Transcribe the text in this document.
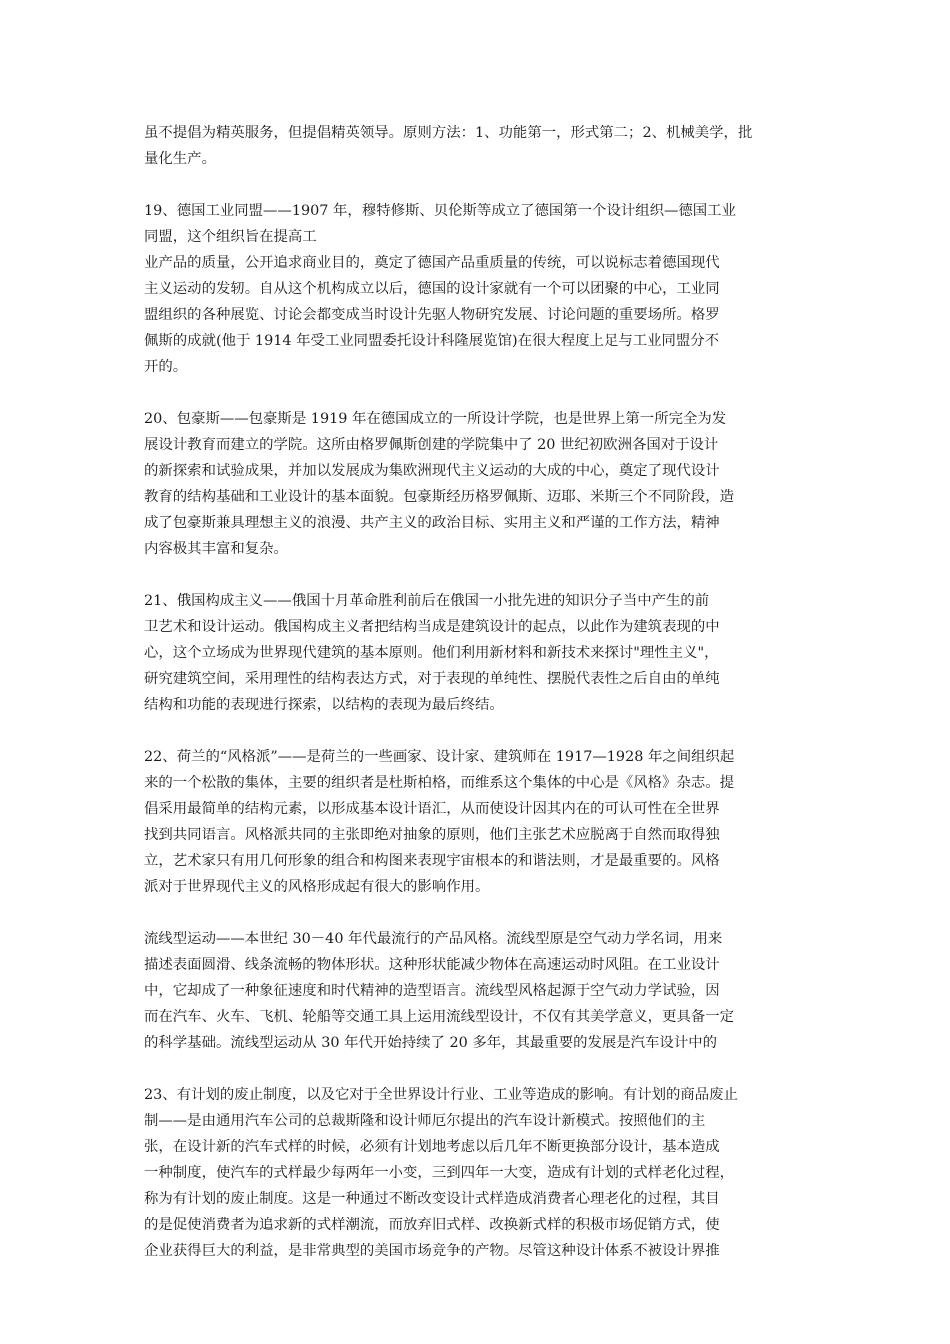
虽不提倡为精英服务，但提倡精英领导。原则方法：1、功能第一，形式第二；2、机械美学，批
量化生产。
19、德国工业同盟——1907 年，穆特修斯、贝伦斯等成立了德国第一个设计组织—德国工业
同盟，这个组织旨在提高工
业产品的质量，公开追求商业目的，奠定了德国产品重质量的传统，可以说标志着德国现代
主义运动的发轫。自从这个机构成立以后，德国的设计家就有一个可以团聚的中心，工业同
盟组织的各种展览、讨论会都变成当时设计先驱人物研究发展、讨论问题的重要场所。格罗
佩斯的成就(他于 1914 年受工业同盟委托设计科隆展览馆)在很大程度上足与工业同盟分不
开的。
20、包豪斯——包豪斯是 1919 年在德国成立的一所设计学院，也是世界上第一所完全为发
展设计教育而建立的学院。这所由格罗佩斯创建的学院集中了 20 世纪初欧洲各国对于设计
的新探索和试验成果，并加以发展成为集欧洲现代主义运动的大成的中心，奠定了现代设计
教育的结构基础和工业设计的基本面貌。包豪斯经历格罗佩斯、迈耶、米斯三个不同阶段，造
成了包豪斯兼具理想主义的浪漫、共产主义的政治目标、实用主义和严谨的工作方法，精神
内容极其丰富和复杂。
21、俄国构成主义——俄国十月革命胜利前后在俄国一小批先进的知识分子当中产生的前
卫艺术和设计运动。俄国构成主义者把结构当成是建筑设计的起点，以此作为建筑表现的中
心，这个立场成为世界现代建筑的基本原则。他们利用新材料和新技术来探讨"理性主义"，
研究建筑空间，采用理性的结构表达方式，对于表现的单纯性、摆脱代表性之后自由的单纯
结构和功能的表现进行探索，以结构的表现为最后终结。
22、荷兰的“风格派”——是荷兰的一些画家、设计家、建筑师在 1917—1928 年之间组织起
来的一个松散的集体，主要的组织者是杜斯柏格，而维系这个集体的中心是《风格》杂志。提
倡采用最简单的结构元素，以形成基本设计语汇，从而使设计因其内在的可认可性在全世界
找到共同语言。风格派共同的主张即绝对抽象的原则，他们主张艺术应脱离于自然而取得独
立，艺术家只有用几何形象的组合和构图来表现宇宙根本的和谐法则，才是最重要的。风格
派对于世界现代主义的风格形成起有很大的影响作用。
流线型运动——本世纪 30－40 年代最流行的产品风格。流线型原是空气动力学名词，用来
描述表面圆滑、线条流畅的物体形状。这种形状能减少物体在高速运动时风阻。在工业设计
中，它却成了一种象征速度和时代精神的造型语言。流线型风格起源于空气动力学试验，因
而在汽车、火车、飞机、轮船等交通工具上运用流线型设计，不仅有其美学意义，更具备一定
的科学基础。流线型运动从 30 年代开始持续了 20 多年，其最重要的发展是汽车设计中的
23、有计划的废止制度，以及它对于全世界设计行业、工业等造成的影响。有计划的商品废止
制——是由通用汽车公司的总裁斯隆和设计师厄尔提出的汽车设计新模式。按照他们的主
张，在设计新的汽车式样的时候，必须有计划地考虑以后几年不断更换部分设计，基本造成
一种制度，使汽车的式样最少每两年一小变，三到四年一大变，造成有计划的式样老化过程，
称为有计划的废止制度。这是一种通过不断改变设计式样造成消费者心理老化的过程，其目
的是促使消费者为追求新的式样潮流，而放弃旧式样、改换新式样的积极市场促销方式，使
企业获得巨大的利益，是非常典型的美国市场竞争的产物。尽管这种设计体系不被设计界推
